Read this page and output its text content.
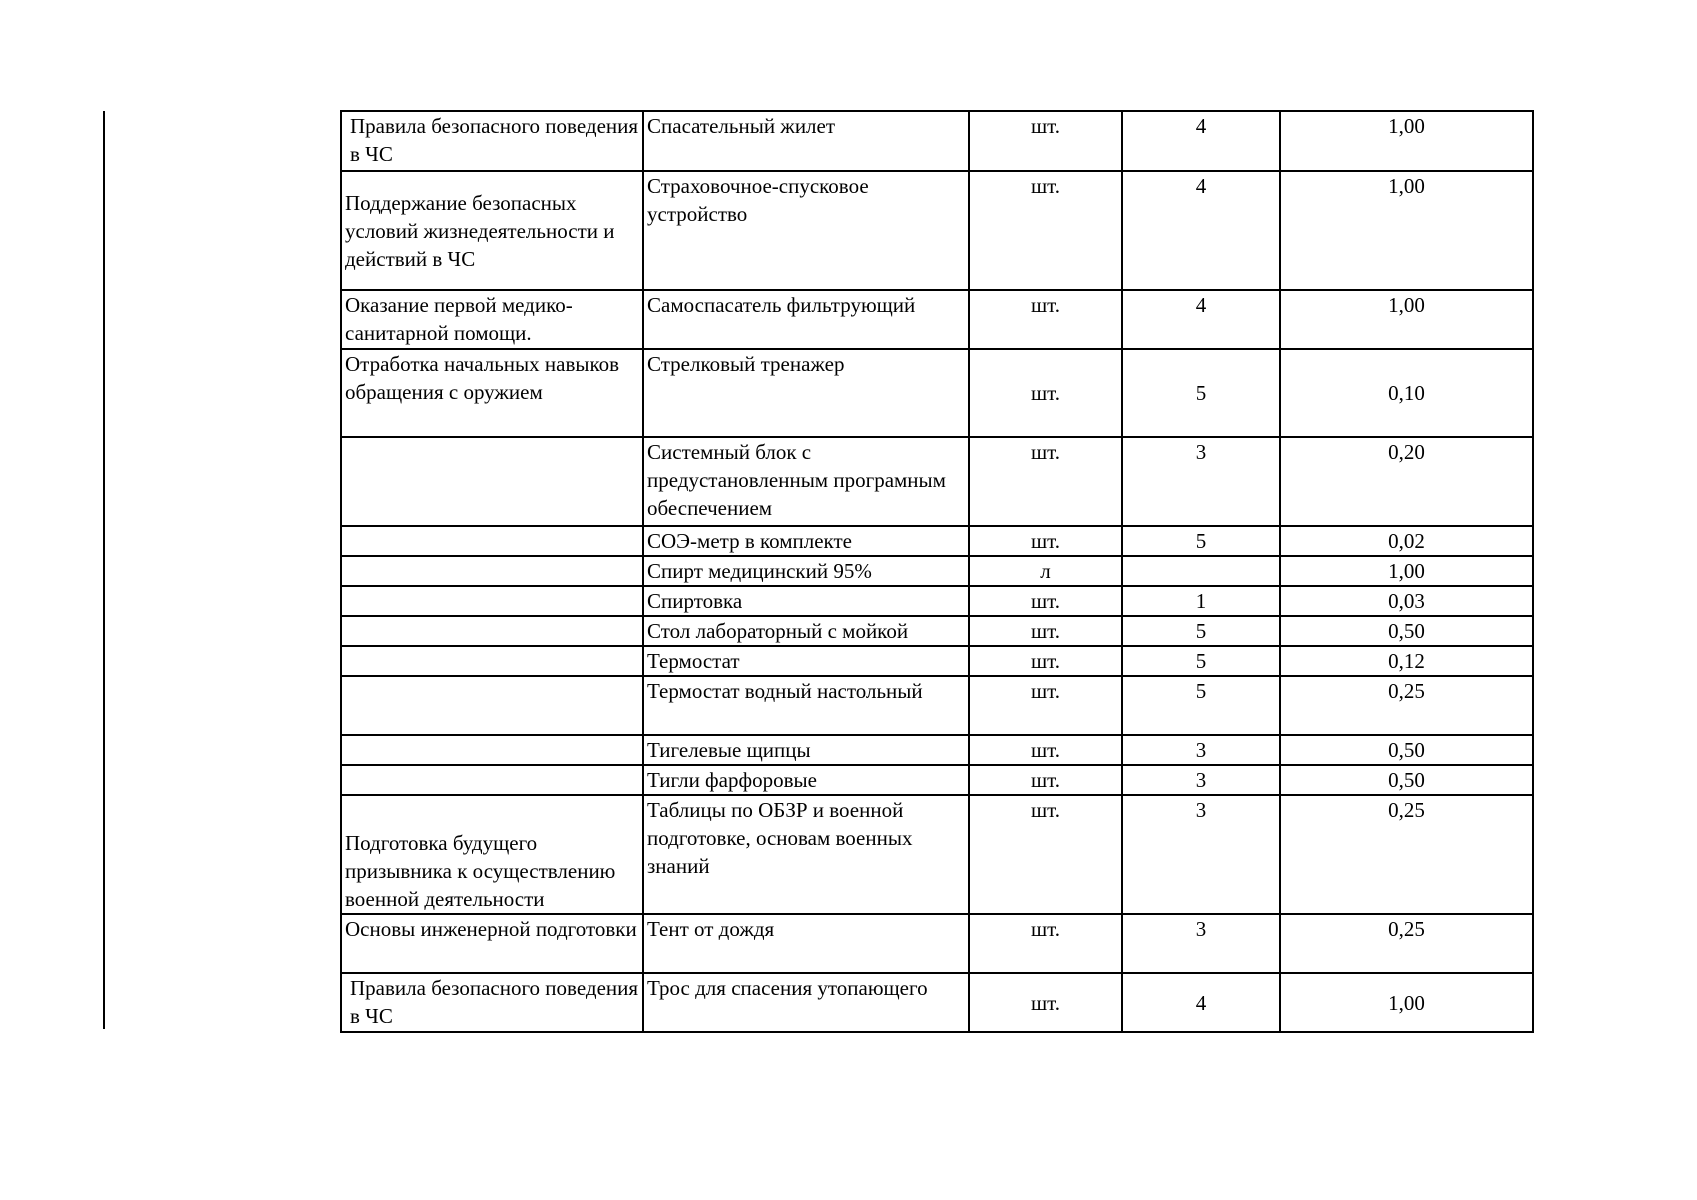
Правила безопасного поведения в ЧС	Спасательный жилет	шт.	4	1,00
Поддержание безопасных условий жизнедеятельности и действий в ЧС	Страховочное-спусковое устройство	шт.	4	1,00
Оказание первой медико-санитарной помощи.	Самоспасатель фильтрующий	шт.	4	1,00
Отработка начальных навыков обращения с оружием	Стрелковый тренажер	шт.	5	0,10
	Системный блок с предустановленным програмным обеспечением	шт.	3	0,20
	СОЭ-метр в комплекте	шт.	5	0,02
	Спирт медицинский 95%	л		1,00
	Спиртовка	шт.	1	0,03
	Стол лабораторный с мойкой	шт.	5	0,50
	Термостат	шт.	5	0,12
	Термостат водный настольный	шт.	5	0,25
	Тигелевые щипцы	шт.	3	0,50
	Тигли фарфоровые	шт.	3	0,50
Подготовка будущего призывника к осуществлению военной деятельности	Таблицы по ОБЗР и военной подготовке, основам военных знаний	шт.	3	0,25
Основы инженерной подготовки	Тент от дождя	шт.	3	0,25
Правила безопасного поведения в ЧС	Трос для спасения утопающего	шт.	4	1,00
